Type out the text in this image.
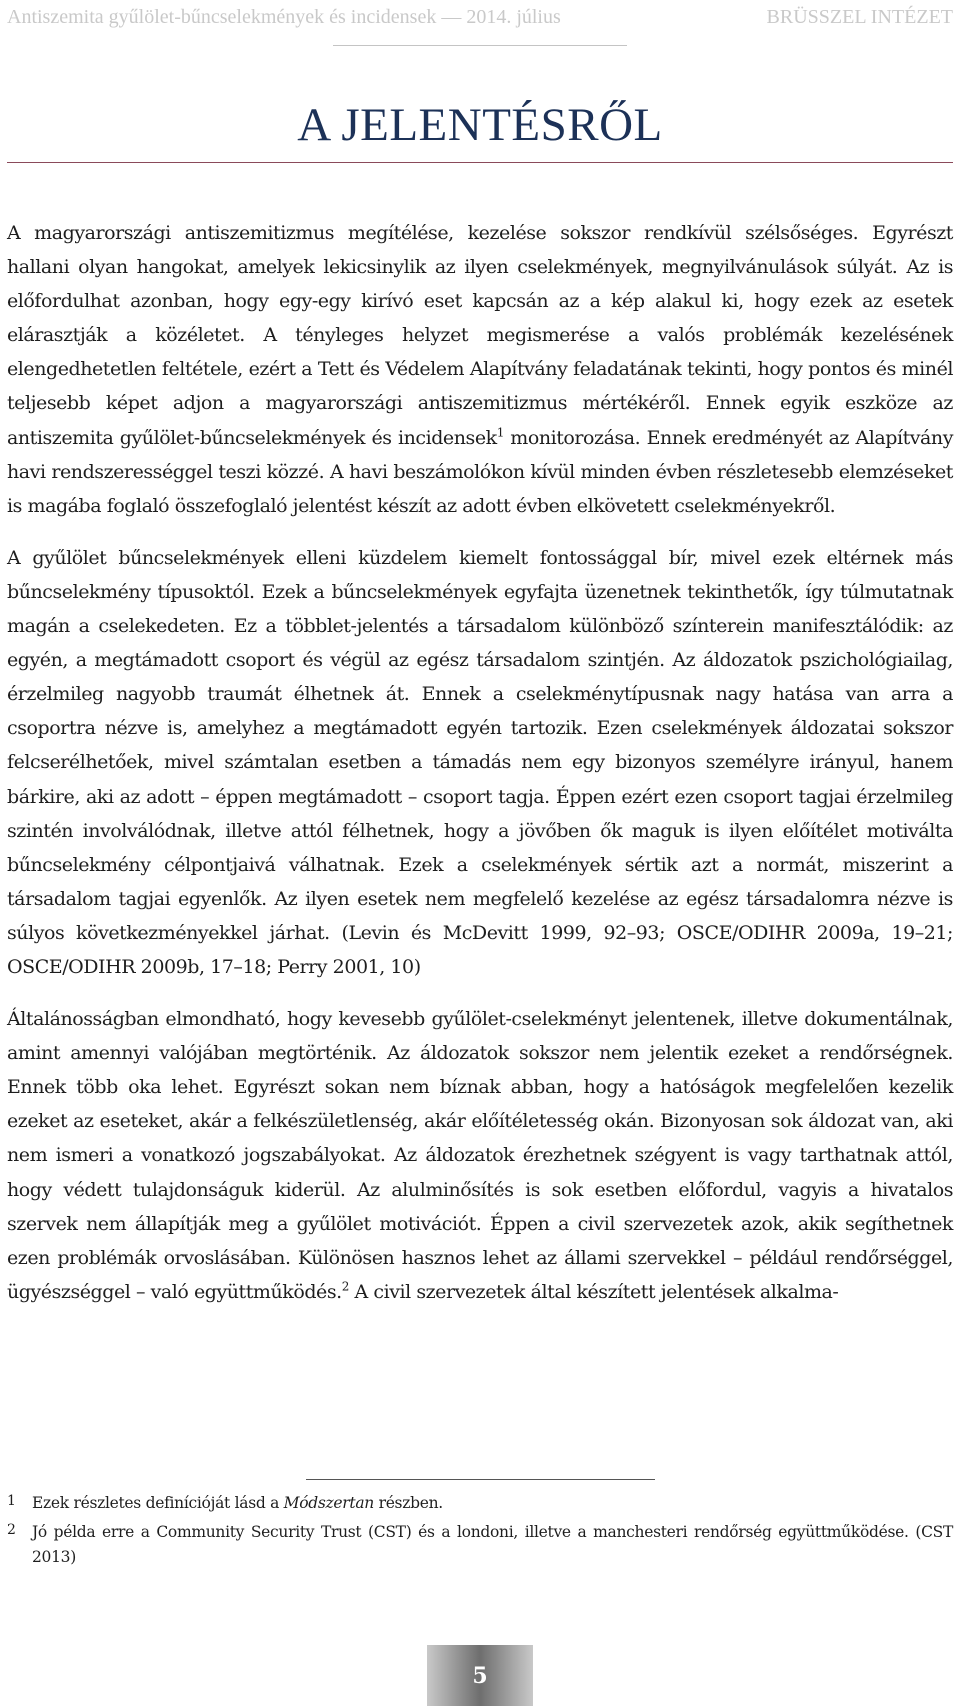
Antiszemita gyűlölet-bűncselekmények és incidensek — 2014. július	BRÜSSZEL INTÉZET
A JELENTÉSRŐL

A magyarországi antiszemitizmus megítélése, kezelése sokszor rendkívül szélsőséges. Egyrészt hallani olyan hangokat, amelyek lekicsinylik az ilyen cselekmények, megnyilvánulások súlyát. Az is előfordulhat azonban, hogy egy-egy kirívó eset kapcsán az a kép alakul ki, hogy ezek az esetek elárasztják a közéletet. A tényleges helyzet megismerése a valós problémák kezelésének elengedhetetlen feltétele, ezért a Tett és Védelem Alapítvány feladatának tekinti, hogy pontos és minél teljesebb képet adjon a magyarországi antiszemitizmus mértékéről. Ennek egyik eszköze az antiszemita gyűlölet-bűncselekmények és incidensek$^1$ monitorozása. Ennek eredményét az Alapítvány havi rendszerességgel teszi közzé. A havi beszámolókon kívül minden évben részletesebb elemzéseket is magába foglaló összefoglaló jelentést készít az adott évben elkövetett cselekményekről.

A gyűlölet bűncselekmények elleni küzdelem kiemelt fontossággal bír, mivel ezek eltérnek más bűncselekmény típusoktól. Ezek a bűncselekmények egyfajta üzenetnek tekinthetők, így túlmutatnak magán a cselekedeten. Ez a többlet-jelentés a társadalom különböző színterein manifesztálódik: az egyén, a megtámadott csoport és végül az egész társadalom szintjén. Az áldozatok pszichológiailag, érzelmileg nagyobb traumát élhetnek át. Ennek a cselekménytípusnak nagy hatása van arra a csoportra nézve is, amelyhez a megtámadott egyén tartozik. Ezen cselekmények áldozatai sokszor felcserélhetőek, mivel számtalan esetben a támadás nem egy bizonyos személyre irányul, hanem bárkire, aki az adott – éppen megtámadott – csoport tagja. Éppen ezért ezen csoport tagjai érzelmileg szintén involválódnak, illetve attól félhetnek, hogy a jövőben ők maguk is ilyen előítélet motiválta bűncselekmény célpontjaivá válhatnak. Ezek a cselekmények sértik azt a normát, miszerint a társadalom tagjai egyenlők. Az ilyen esetek nem megfelelő kezelése az egész társadalomra nézve is súlyos következményekkel járhat. (Levin és McDevitt 1999, 92–93; OSCE/ODIHR 2009a, 19–21; OSCE/ODIHR 2009b, 17–18; Perry 2001, 10)

Általánosságban elmondható, hogy kevesebb gyűlölet-cselekményt jelentenek, illetve dokumentálnak, amint amennyi valójában megtörténik. Az áldozatok sokszor nem jelentik ezeket a rendőrségnek. Ennek több oka lehet. Egyrészt sokan nem bíznak abban, hogy a hatóságok megfelelően kezelik ezeket az eseteket, akár a felkészületlenség, akár előítéletesség okán. Bizonyosan sok áldozat van, aki nem ismeri a vonatkozó jogszabályokat. Az áldozatok érezhetnek szégyent is vagy tarthatnak attól, hogy védett tulajdonságuk kiderül. Az alulminősítés is sok esetben előfordul, vagyis a hivatalos szervek nem állapítják meg a gyűlölet motivációt. Éppen a civil szervezetek azok, akik segíthetnek ezen problémák orvoslásában. Különösen hasznos lehet az állami szervekkel – például rendőrséggel, ügyészséggel – való együttműködés.$^2$ A civil szervezetek által készített jelentések alkalma-

1 Ezek részletes definícióját lásd a Módszertan részben.
2 Jó példa erre a Community Security Trust (CST) és a londoni, illetve a manchesteri rendőrség együttműködése. (CST 2013)
5
